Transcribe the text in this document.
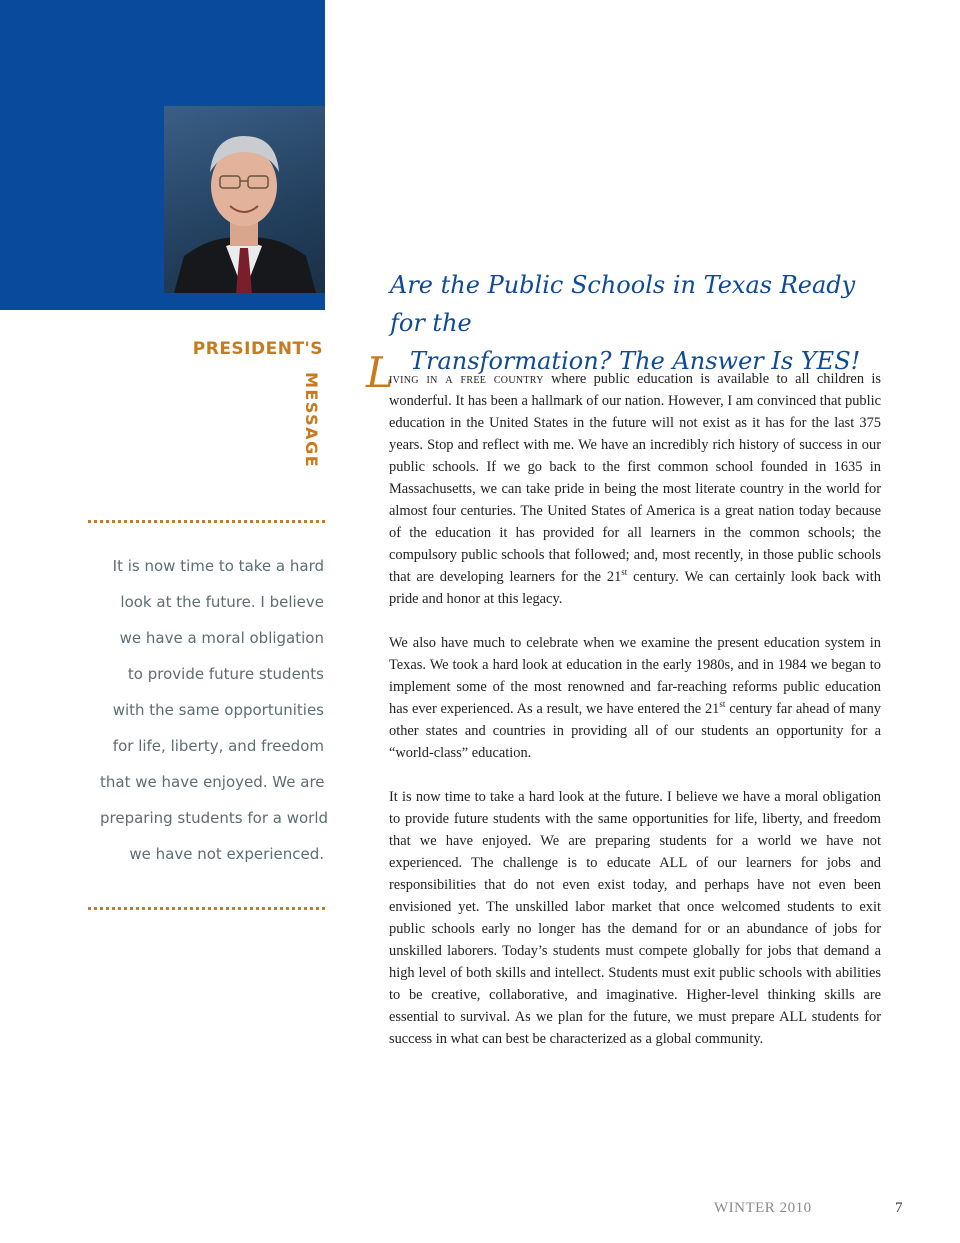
PRESIDENT'S
MESSAGE
It is now time to take a hard
look at the future. I believe
we have a moral obligation
to provide future students
with the same opportunities
for life, liberty, and freedom
that we have enjoyed. We are
preparing students for a world
we have not experienced.
Are the Public Schools in Texas Ready for the
Transformation? The Answer Is YES!
L

iving in a free country where public education is available to all children is wonderful. It has been a hallmark of our nation. However, I am convinced that public education in the United States in the future will not exist as it has for the last 375 years. Stop and reflect with me. We have an incredibly rich history of success in our public schools. If we go back to the first common school founded in 1635 in Massachusetts, we can take pride in being the most literate country in the world for almost four centuries. The United States of America is a great nation today because of the education it has provided for all learners in the common schools; the compulsory public schools that followed; and, most recently, in those public schools that are developing learners for the 21st century. We can certainly look back with pride and honor at this legacy.

We also have much to celebrate when we examine the present education system in Texas. We took a hard look at education in the early 1980s, and in 1984 we began to implement some of the most renowned and far-reaching reforms public education has ever experienced. As a result, we have entered the 21st century far ahead of many other states and countries in providing all of our students an opportunity for a “world-class” education.

It is now time to take a hard look at the future. I believe we have a moral obligation to provide future students with the same opportunities for life, liberty, and freedom that we have enjoyed. We are preparing students for a world we have not experienced. The challenge is to educate ALL of our learners for jobs and responsibilities that do not even exist today, and perhaps have not even been envisioned yet. The unskilled labor market that once welcomed students to exit public schools early no longer has the demand for or an abundance of jobs for unskilled laborers. Today’s students must compete globally for jobs that demand a high level of both skills and intellect. Students must exit public schools with abilities to be creative, collaborative, and imaginative. Higher-level thinking skills are essential to survival. As we plan for the future, we must prepare ALL students for success in what can best be characterized as a global community.

WINTER 2010	7
